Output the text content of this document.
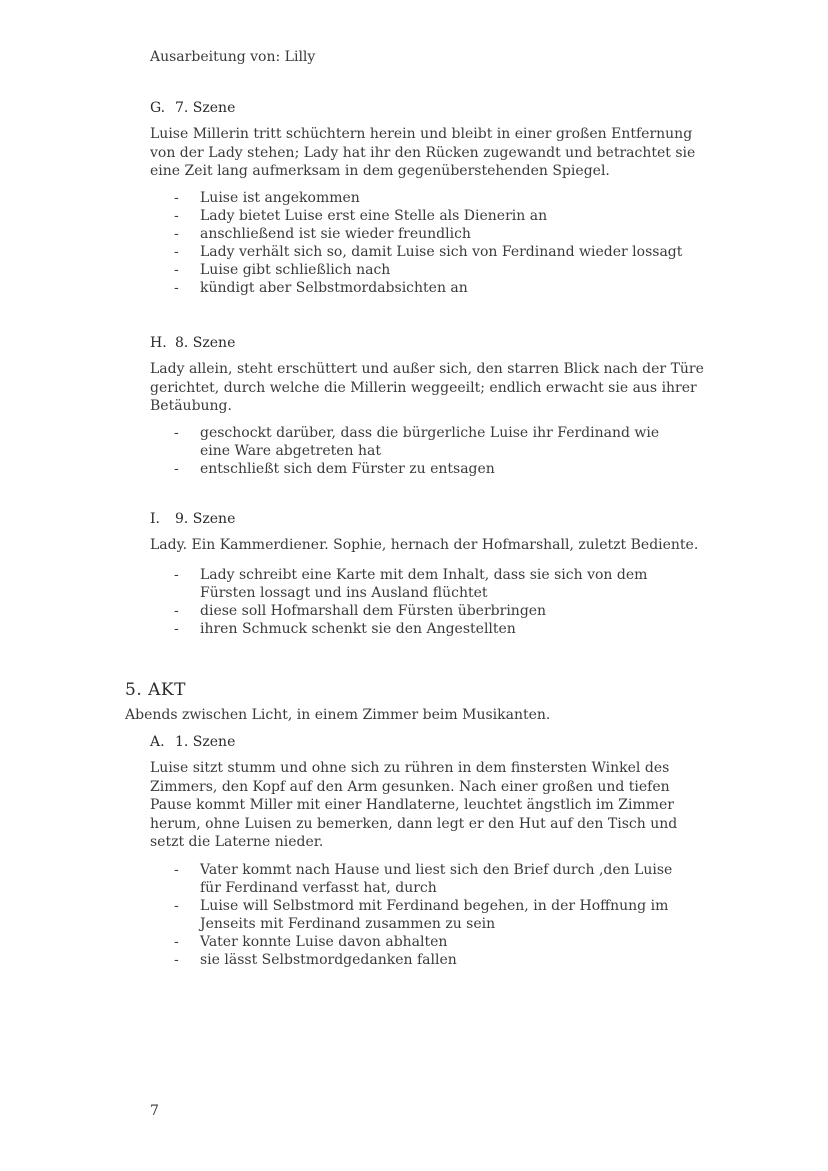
Ausarbeitung von: Lilly
G. 7. Szene

Luise Millerin tritt schüchtern herein und bleibt in einer großen Entfernung von der Lady stehen; Lady hat ihr den Rücken zugewandt und betrachtet sie eine Zeit lang aufmerksam in dem gegenüberstehenden Spiegel.

- Luise ist angekommen
- Lady bietet Luise erst eine Stelle als Dienerin an
- anschließend ist sie wieder freundlich
- Lady verhält sich so, damit Luise sich von Ferdinand wieder lossagt
- Luise gibt schließlich nach
- kündigt aber Selbstmordabsichten an
H. 8. Szene

Lady allein, steht erschüttert und außer sich, den starren Blick nach der Türe gerichtet, durch welche die Millerin weggeeilt; endlich erwacht sie aus ihrer Betäubung.

- geschockt darüber, dass die bürgerliche Luise ihr Ferdinand wie eine Ware abgetreten hat
- entschließt sich dem Fürster zu entsagen
I. 9. Szene

Lady. Ein Kammerdiener. Sophie, hernach der Hofmarshall, zuletzt Bediente.

- Lady schreibt eine Karte mit dem Inhalt, dass sie sich von dem Fürsten lossagt und ins Ausland flüchtet
- diese soll Hofmarshall dem Fürsten überbringen
- ihren Schmuck schenkt sie den Angestellten
5. AKT
Abends zwischen Licht, in einem Zimmer beim Musikanten.
A. 1. Szene

Luise sitzt stumm und ohne sich zu rühren in dem finstersten Winkel des Zimmers, den Kopf auf den Arm gesunken. Nach einer großen und tiefen Pause kommt Miller mit einer Handlaterne, leuchtet ängstlich im Zimmer herum, ohne Luisen zu bemerken, dann legt er den Hut auf den Tisch und setzt die Laterne nieder.

- Vater kommt nach Hause und liest sich den Brief durch ‚den Luise für Ferdinand verfasst hat, durch
- Luise will Selbstmord mit Ferdinand begehen, in der Hoffnung im Jenseits mit Ferdinand zusammen zu sein
- Vater konnte Luise davon abhalten
- sie lässt Selbstmordgedanken fallen
7
